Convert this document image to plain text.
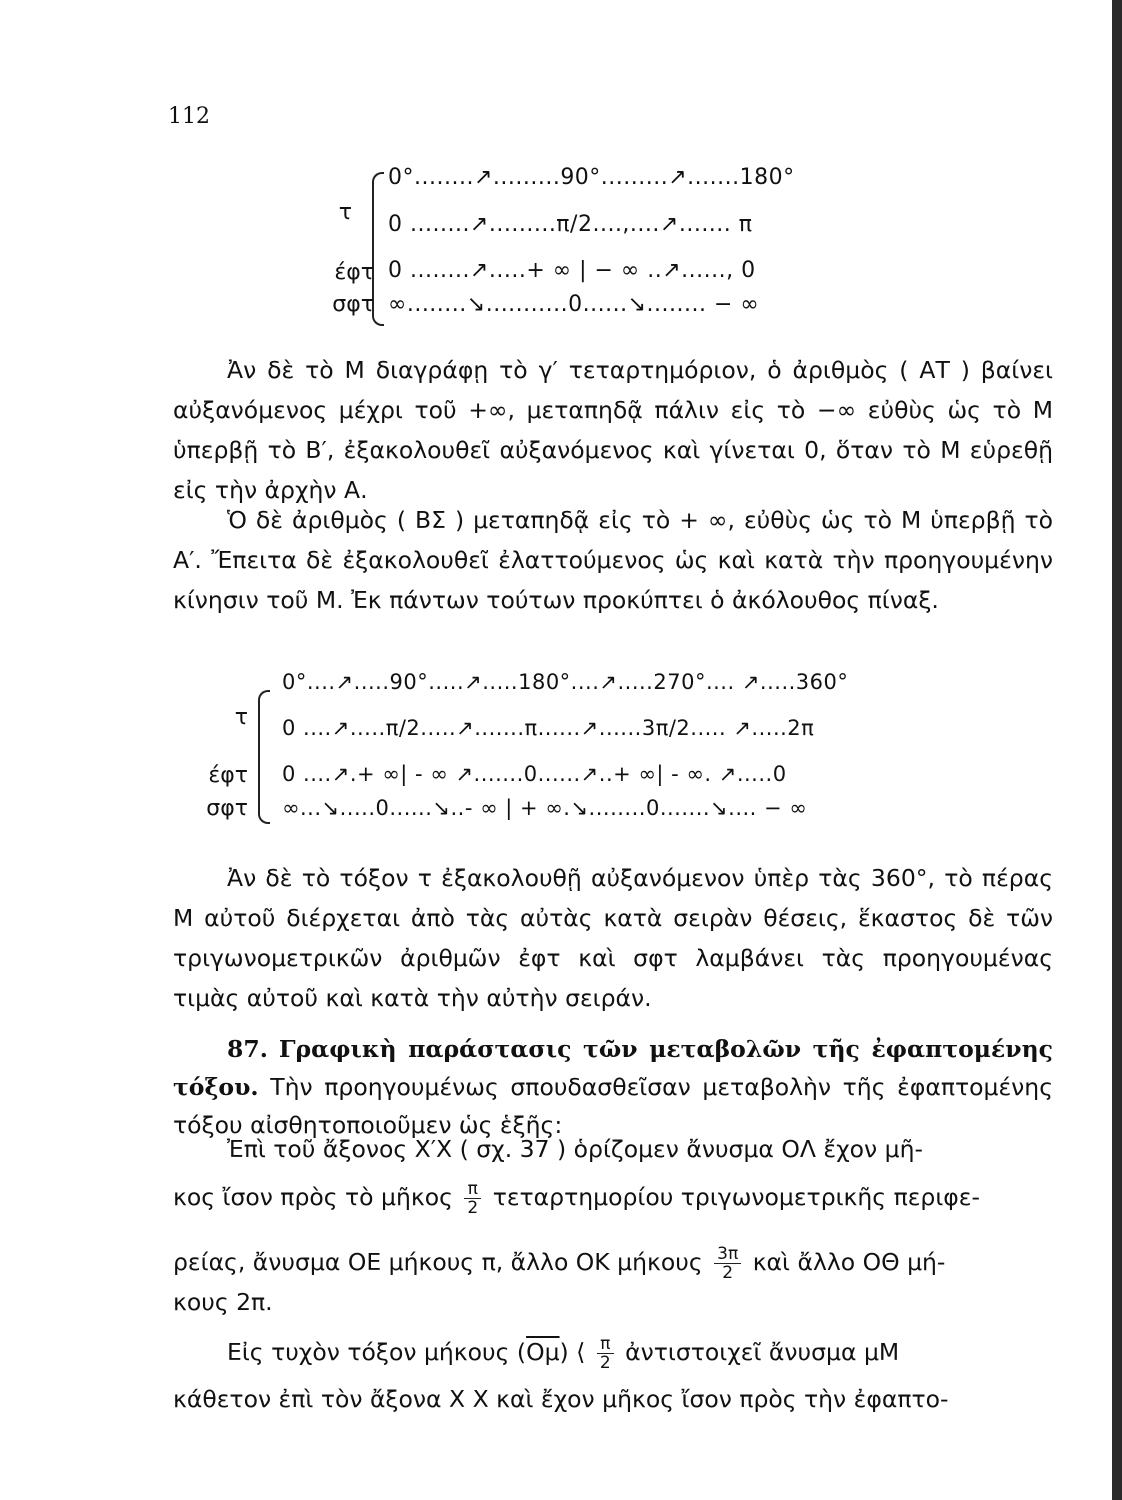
112
τ
έφτ
σφτ
0°........↗.........90°.........↗.......180°
0 ........↗.........π/2....,....↗....... π
0 ........↗.....+ ∞ | − ∞ ..↗......, 0
∞........↘...........0......↘........ − ∞
Ἀν δὲ τὸ Μ διαγράφῃ τὸ γ′ τεταρτημόριον, ὁ ἀριθμὸς ( ΑΤ ) βαίνει αὐξανόμενος μέχρι τοῦ +∞, μεταπηδᾷ πάλιν εἰς τὸ −∞ εὐθὺς ὡς τὸ Μ ὑπερβῇ τὸ Β′, ἐξακολουθεῖ αὐξανόμενος καὶ γίνεται 0, ὅταν τὸ Μ εὑρεθῇ εἰς τὴν ἀρχὴν Α.
Ὁ δὲ ἀριθμὸς ( ΒΣ ) μεταπηδᾷ εἰς τὸ + ∞, εὐθὺς ὡς τὸ Μ ὑπερβῇ τὸ Α′. Ἔπειτα δὲ ἐξακολουθεῖ ἐλαττούμενος ὡς καὶ κατὰ τὴν προηγουμένην κίνησιν τοῦ Μ. Ἐκ πάντων τούτων προκύπτει ὁ ἀκόλουθος πίναξ.
τ
έφτ
σφτ
0°....↗.....90°.....↗.....180°....↗.....270°.... ↗.....360°
0 ....↗.....π/2.....↗.......π......↗......3π/2..... ↗.....2π
0 ....↗.+ ∞| - ∞ ↗.......0......↗..+ ∞| - ∞. ↗.....0
∞...↘.....0......↘..- ∞ | + ∞.↘........0.......↘.... − ∞
Ἀν δὲ τὸ τόξον τ ἐξακολουθῇ αὐξανόμενον ὑπὲρ τὰς 360°, τὸ πέρας Μ αὐτοῦ διέρχεται ἀπὸ τὰς αὐτὰς κατὰ σειρὰν θέσεις, ἕκαστος δὲ τῶν τριγωνομετρικῶν ἀριθμῶν ἐφτ καὶ σφτ λαμβάνει τὰς προηγουμένας τιμὰς αὐτοῦ καὶ κατὰ τὴν αὐτὴν σειράν.
87. Γραφικὴ παράστασις τῶν μεταβολῶν τῆς ἐφαπτομένης τόξου. Τὴν προηγουμένως σπουδασθεῖσαν μεταβολὴν τῆς ἐφαπτομένης τόξου αἰσθητοποιοῦμεν ὡς ἑξῆς:
Ἐπὶ τοῦ ἄξονος Χ′Χ ( σχ. 37 ) ὁρίζομεν ἄνυσμα ΟΛ ἔχον μῆ-
κος ἴσον πρὸς τὸ μῆκος $\frac{\pi}{2}$ τεταρτημορίου τριγωνομετρικῆς περιφε-
ρείας, ἄνυσμα ΟΕ μήκους π, ἄλλο ΟΚ μήκους $\frac{3\pi}{2}$ καὶ ἄλλο ΟΘ μή-
κους 2π.
Εἰς τυχὸν τόξον μήκους $(\overline{O\mu})$ ⟨ $\frac{\pi}{2}$ ἀντιστοιχεῖ ἄνυσμα μΜ
κάθετον ἐπὶ τὸν ἄξονα Χ Χ καὶ ἔχον μῆκος ἴσον πρὸς τὴν ἐφαπτο-
